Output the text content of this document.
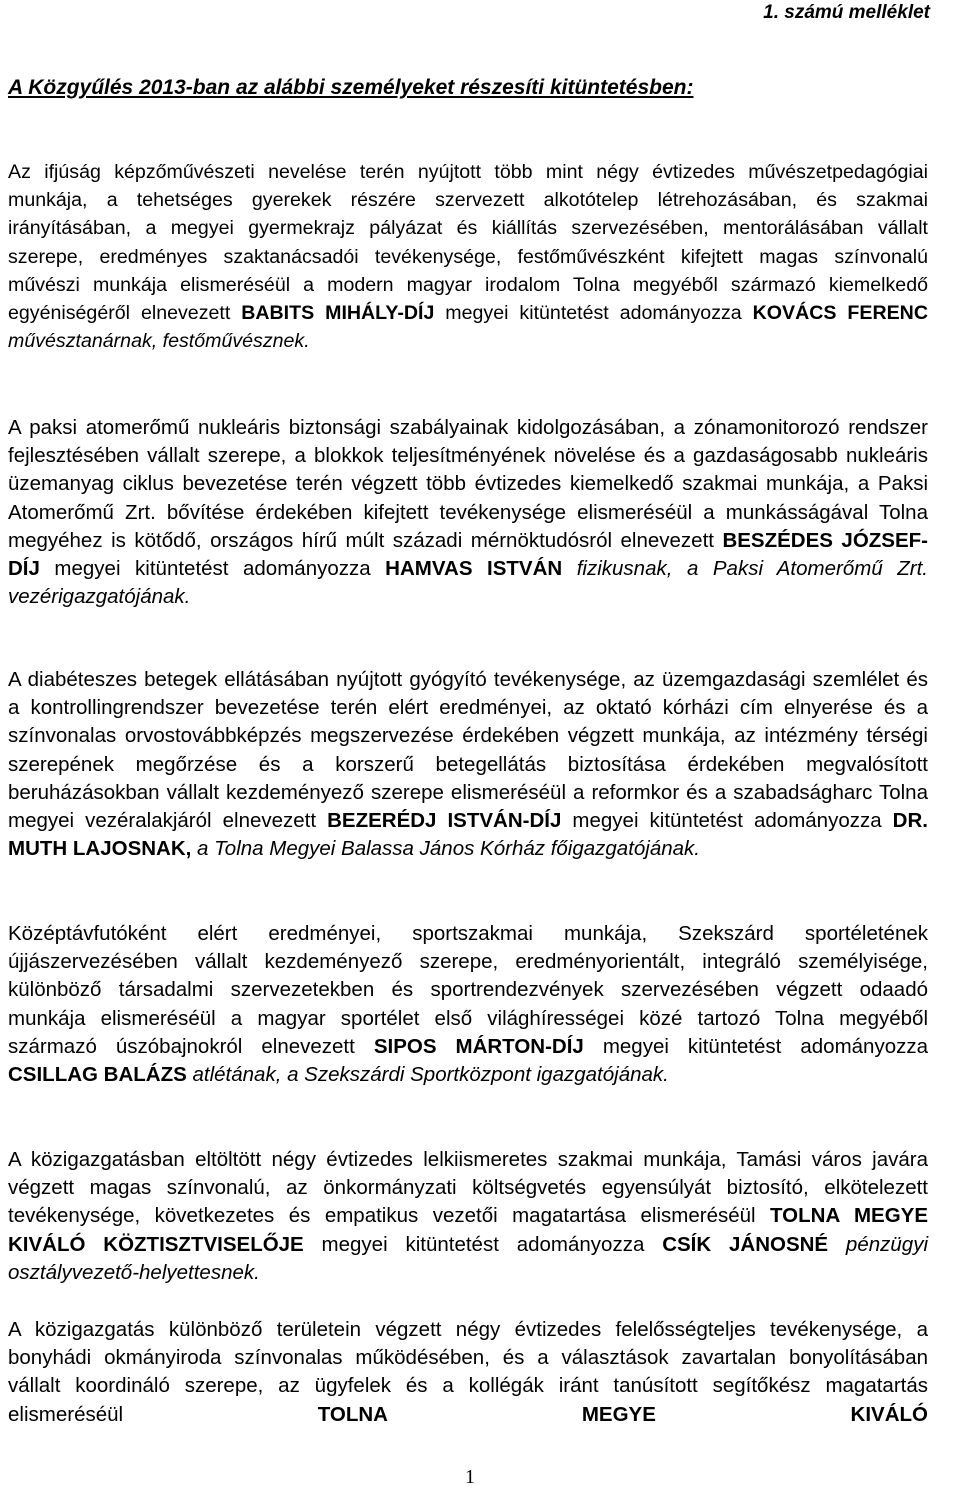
1. számú melléklet
A Közgyűlés 2013-ban az alábbi személyeket részesíti kitüntetésben:

Az ifjúság képzőművészeti nevelése terén nyújtott több mint négy évtizedes művészetpedagógiai munkája, a tehetséges gyerekek részére szervezett alkotótelep létrehozásában, és szakmai irányításában, a megyei gyermekrajz pályázat és kiállítás szervezésében, mentorálásában vállalt szerepe, eredményes szaktanácsadói tevékenysége, festőművészként kifejtett magas színvonalú művészi munkája elismeréséül a modern magyar irodalom Tolna megyéből származó kiemelkedő egyéniségéről elnevezett BABITS MIHÁLY-DÍJ megyei kitüntetést adományozza KOVÁCS FERENC művésztanárnak, festőművésznek.

A paksi atomerőmű nukleáris biztonsági szabályainak kidolgozásában, a zónamonitorozó rendszer fejlesztésében vállalt szerepe, a blokkok teljesítményének növelése és a gazdaságosabb nukleáris üzemanyag ciklus bevezetése terén végzett több évtizedes kiemelkedő szakmai munkája, a Paksi Atomerőmű Zrt. bővítése érdekében kifejtett tevékenysége elismeréséül a munkásságával Tolna megyéhez is kötődő, országos hírű múlt századi mérnöktudósról elnevezett BESZÉDES JÓZSEF-DÍJ megyei kitüntetést adományozza HAMVAS ISTVÁN fizikusnak, a Paksi Atomerőmű Zrt. vezérigazgatójának.

A diabéteszes betegek ellátásában nyújtott gyógyító tevékenysége, az üzemgazdasági szemlélet és a kontrollingrendszer bevezetése terén elért eredményei, az oktató kórházi cím elnyerése és a színvonalas orvostovábbképzés megszervezése érdekében végzett munkája, az intézmény térségi szerepének megőrzése és a korszerű betegellátás biztosítása érdekében megvalósított beruházásokban vállalt kezdeményező szerepe elismeréséül a reformkor és a szabadságharc Tolna megyei vezéralakjáról elnevezett BEZERÉDJ ISTVÁN-DÍJ megyei kitüntetést adományozza DR. MUTH LAJOSNAK, a Tolna Megyei Balassa János Kórház főigazgatójának.

Középtávfutóként elért eredményei, sportszakmai munkája, Szekszárd sportéletének újjászervezésében vállalt kezdeményező szerepe, eredményorientált, integráló személyisége, különböző társadalmi szervezetekben és sportrendezvények szervezésében végzett odaadó munkája elismeréséül a magyar sportélet első világhírességei közé tartozó Tolna megyéből származó úszóbajnokról elnevezett SIPOS MÁRTON-DÍJ megyei kitüntetést adományozza CSILLAG BALÁZS atlétának, a Szekszárdi Sportközpont igazgatójának.

A közigazgatásban eltöltött négy évtizedes lelkiismeretes szakmai munkája, Tamási város javára végzett magas színvonalú, az önkormányzati költségvetés egyensúlyát biztosító, elkötelezett tevékenysége, következetes és empatikus vezetői magatartása elismeréséül TOLNA MEGYE KIVÁLÓ KÖZTISZTVISELŐJE megyei kitüntetést adományozza CSÍK JÁNOSNÉ pénzügyi osztályvezető-helyettesnek.

A közigazgatás különböző területein végzett négy évtizedes felelősségteljes tevékenysége, a bonyhádi okmányiroda színvonalas működésében, és a választások zavartalan bonyolításában vállalt koordináló szerepe, az ügyfelek és a kollégák iránt tanúsított segítőkész magatartás elismeréséül TOLNA MEGYE KIVÁLÓ

1
